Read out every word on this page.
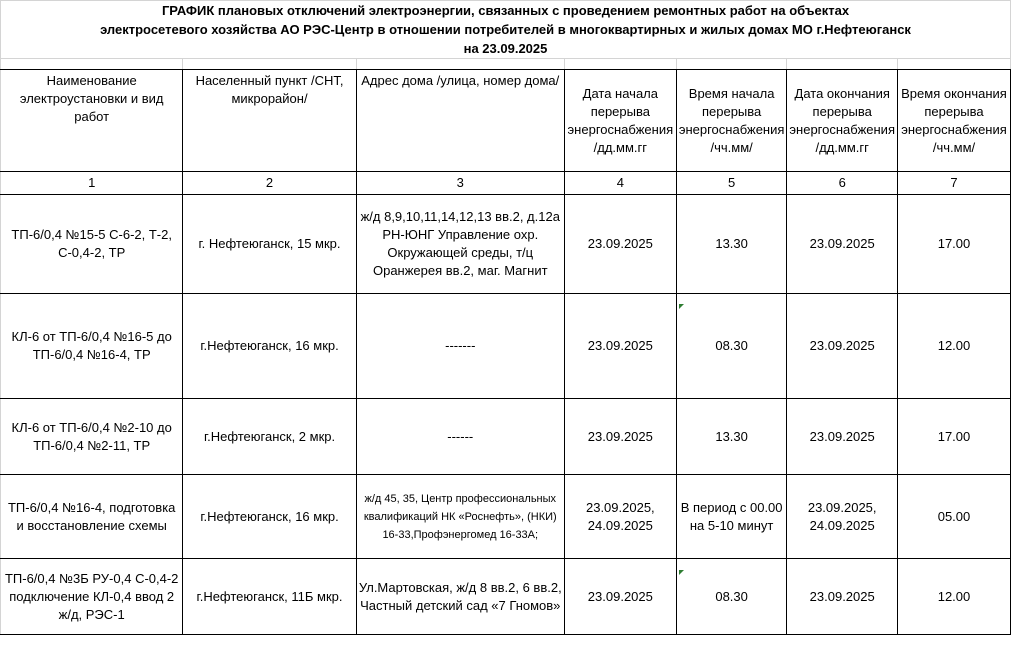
ГРАФИК плановых отключений электроэнергии, связанных с проведением ремонтных работ на объектах						
электросетевого хозяйства АО РЭС-Центр в отношении потребителей в многоквартирных и жилых домах МО г.Нефтеюганск						
на 23.09.2025						

Наименование электроустановки и вид работ	Населенный пункт /СНТ, микрорайон/	Адрес дома /улица, номер дома/	Дата начала перерыва энергоснабжения /дд.мм.гг	Время начала перерыва энергоснабжения /чч.мм/	Дата окончания перерыва энергоснабжения /дд.мм.гг	Время окончания перерыва энергоснабжения /чч.мм/
1	2	3	4	5	6	7
ТП-6/0,4 №15-5 С-6-2, Т-2, С-0,4-2, ТР	г. Нефтеюганск, 15 мкр.	ж/д 8,9,10,11,14,12,13 вв.2, д.12а РН-ЮНГ Управление охр. Окружающей среды, т/ц Оранжерея вв.2, маг. Магнит	23.09.2025	13.30	23.09.2025	17.00
КЛ-6 от ТП-6/0,4 №16-5 до ТП-6/0,4 №16-4, ТР	г.Нефтеюганск, 16 мкр.	-------	23.09.2025	08.30	23.09.2025	12.00
КЛ-6 от ТП-6/0,4 №2-10 до ТП-6/0,4 №2-11, ТР	г.Нефтеюганск, 2 мкр.	------	23.09.2025	13.30	23.09.2025	17.00
ТП-6/0,4 №16-4, подготовка и восстановление схемы	г.Нефтеюганск, 16 мкр.	ж/д 45, 35, Центр профессиональных квалификаций НК «Роснефть», (НКИ) 16-33,Профэнергомед 16-33А;	23.09.2025, 24.09.2025	В период с 00.00 на 5-10 минут	23.09.2025, 24.09.2025	05.00
ТП-6/0,4 №3Б РУ-0,4 С-0,4-2 подключение КЛ-0,4 ввод 2 ж/д, РЭС-1	г.Нефтеюганск, 11Б мкр.	Ул.Мартовская, ж/д 8 вв.2, 6 вв.2, Частный детский сад «7 Гномов»	23.09.2025	08.30	23.09.2025	12.00
